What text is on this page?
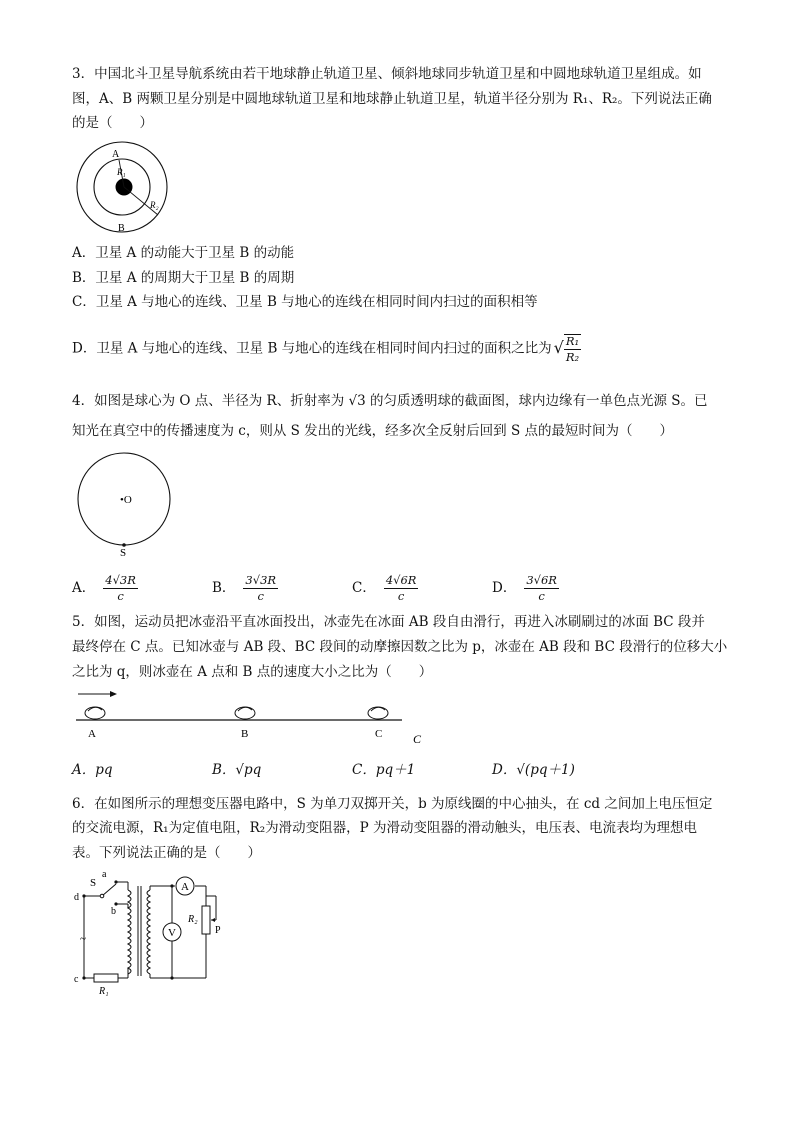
3．中国北斗卫星导航系统由若干地球静止轨道卫星、倾斜地球同步轨道卫星和中圆地球轨道卫星组成。如
图，A、B 两颗卫星分别是中圆地球轨道卫星和地球静止轨道卫星，轨道半径分别为 R₁、R₂。下列说法正确
的是（　　）
A
R₁
R₂
B
A．卫星 A 的动能大于卫星 B 的动能
B．卫星 A 的周期大于卫星 B 的周期
C．卫星 A 与地心的连线、卫星 B 与地心的连线在相同时间内扫过的面积相等
D．卫星 A 与地心的连线、卫星 B 与地心的连线在相同时间内扫过的面积之比为 √ $\frac{\text{R₁}}{\text{R₂}}$
4．如图是球心为 O 点、半径为 R、折射率为 √3 的匀质透明球的截面图，球内边缘有一单色点光源 S。已
知光在真空中的传播速度为 c，则从 S 发出的光线，经多次全反射后回到 S 点的最短时间为（　　）
•O
S
A． $\frac{4√3R}{c}$	B． $\frac{3√3R}{c}$	C． $\frac{4√6R}{c}$	D． $\frac{3√6R}{c}$
5．如图，运动员把冰壶沿平直冰面投出，冰壶先在冰面 AB 段自由滑行，再进入冰刷刷过的冰面 BC 段并
最终停在 C 点。已知冰壶与 AB 段、BC 段间的动摩擦因数之比为 p，冰壶在 AB 段和 BC 段滑行的位移大小
之比为 q，则冰壶在 A 点和 B 点的速度大小之比为（　　）
A	B	C	C
A．pq	B．√pq	C．pq＋1	D．√(pq＋1)
6．在如图所示的理想变压器电路中，S 为单刀双掷开关，b 为原线圈的中心抽头，在 cd 之间加上电压恒定
的交流电源，R₁为定值电阻，R₂为滑动变阻器，P 为滑动变阻器的滑动触头，电压表、电流表均为理想电
表。下列说法正确的是（　　）
A
V
S
a
b
d
c
~
R₁
R₂
P
